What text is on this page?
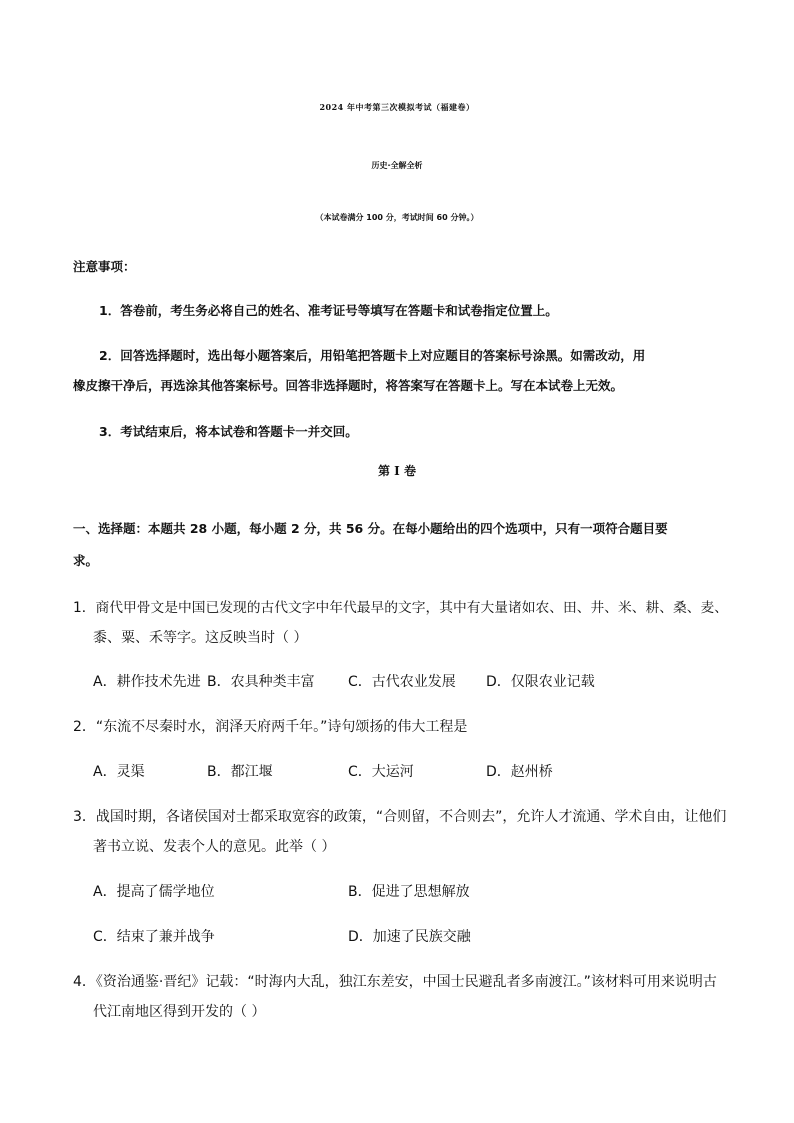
2024 年中考第三次模拟考试（福建卷）
历史·全解全析
（本试卷满分 100 分，考试时间 60 分钟。）
注意事项：
1．答卷前，考生务必将自己的姓名、准考证号等填写在答题卡和试卷指定位置上。
2．回答选择题时，选出每小题答案后，用铅笔把答题卡上对应题目的答案标号涂黑。如需改动，用
橡皮擦干净后，再选涂其他答案标号。回答非选择题时，将答案写在答题卡上。写在本试卷上无效。
3．考试结束后，将本试卷和答题卡一并交回。
第 I 卷
一、选择题：本题共 28 小题，每小题 2 分，共 56 分。在每小题给出的四个选项中，只有一项符合题目要
求。
1．商代甲骨文是中国已发现的古代文字中年代最早的文字，其中有大量诸如农、田、井、米、耕、桑、麦、
黍、粟、禾等字。这反映当时（ ）
A．耕作技术先进 B．农具种类丰富 C．古代农业发展 D．仅限农业记载
2．“东流不尽秦时水，润泽天府两千年。”诗句颂扬的伟大工程是
A．灵渠	B．都江堰	C．大运河	D．赵州桥
3．战国时期，各诸侯国对士都采取宽容的政策，“合则留，不合则去”，允许人才流通、学术自由，让他们
著书立说、发表个人的意见。此举（ ）
A．提高了儒学地位	B．促进了思想解放
C．结束了兼并战争	D．加速了民族交融
4．《资治通鉴·晋纪》记载：“时海内大乱，独江东差安，中国士民避乱者多南渡江。”该材料可用来说明古
代江南地区得到开发的（ ）
